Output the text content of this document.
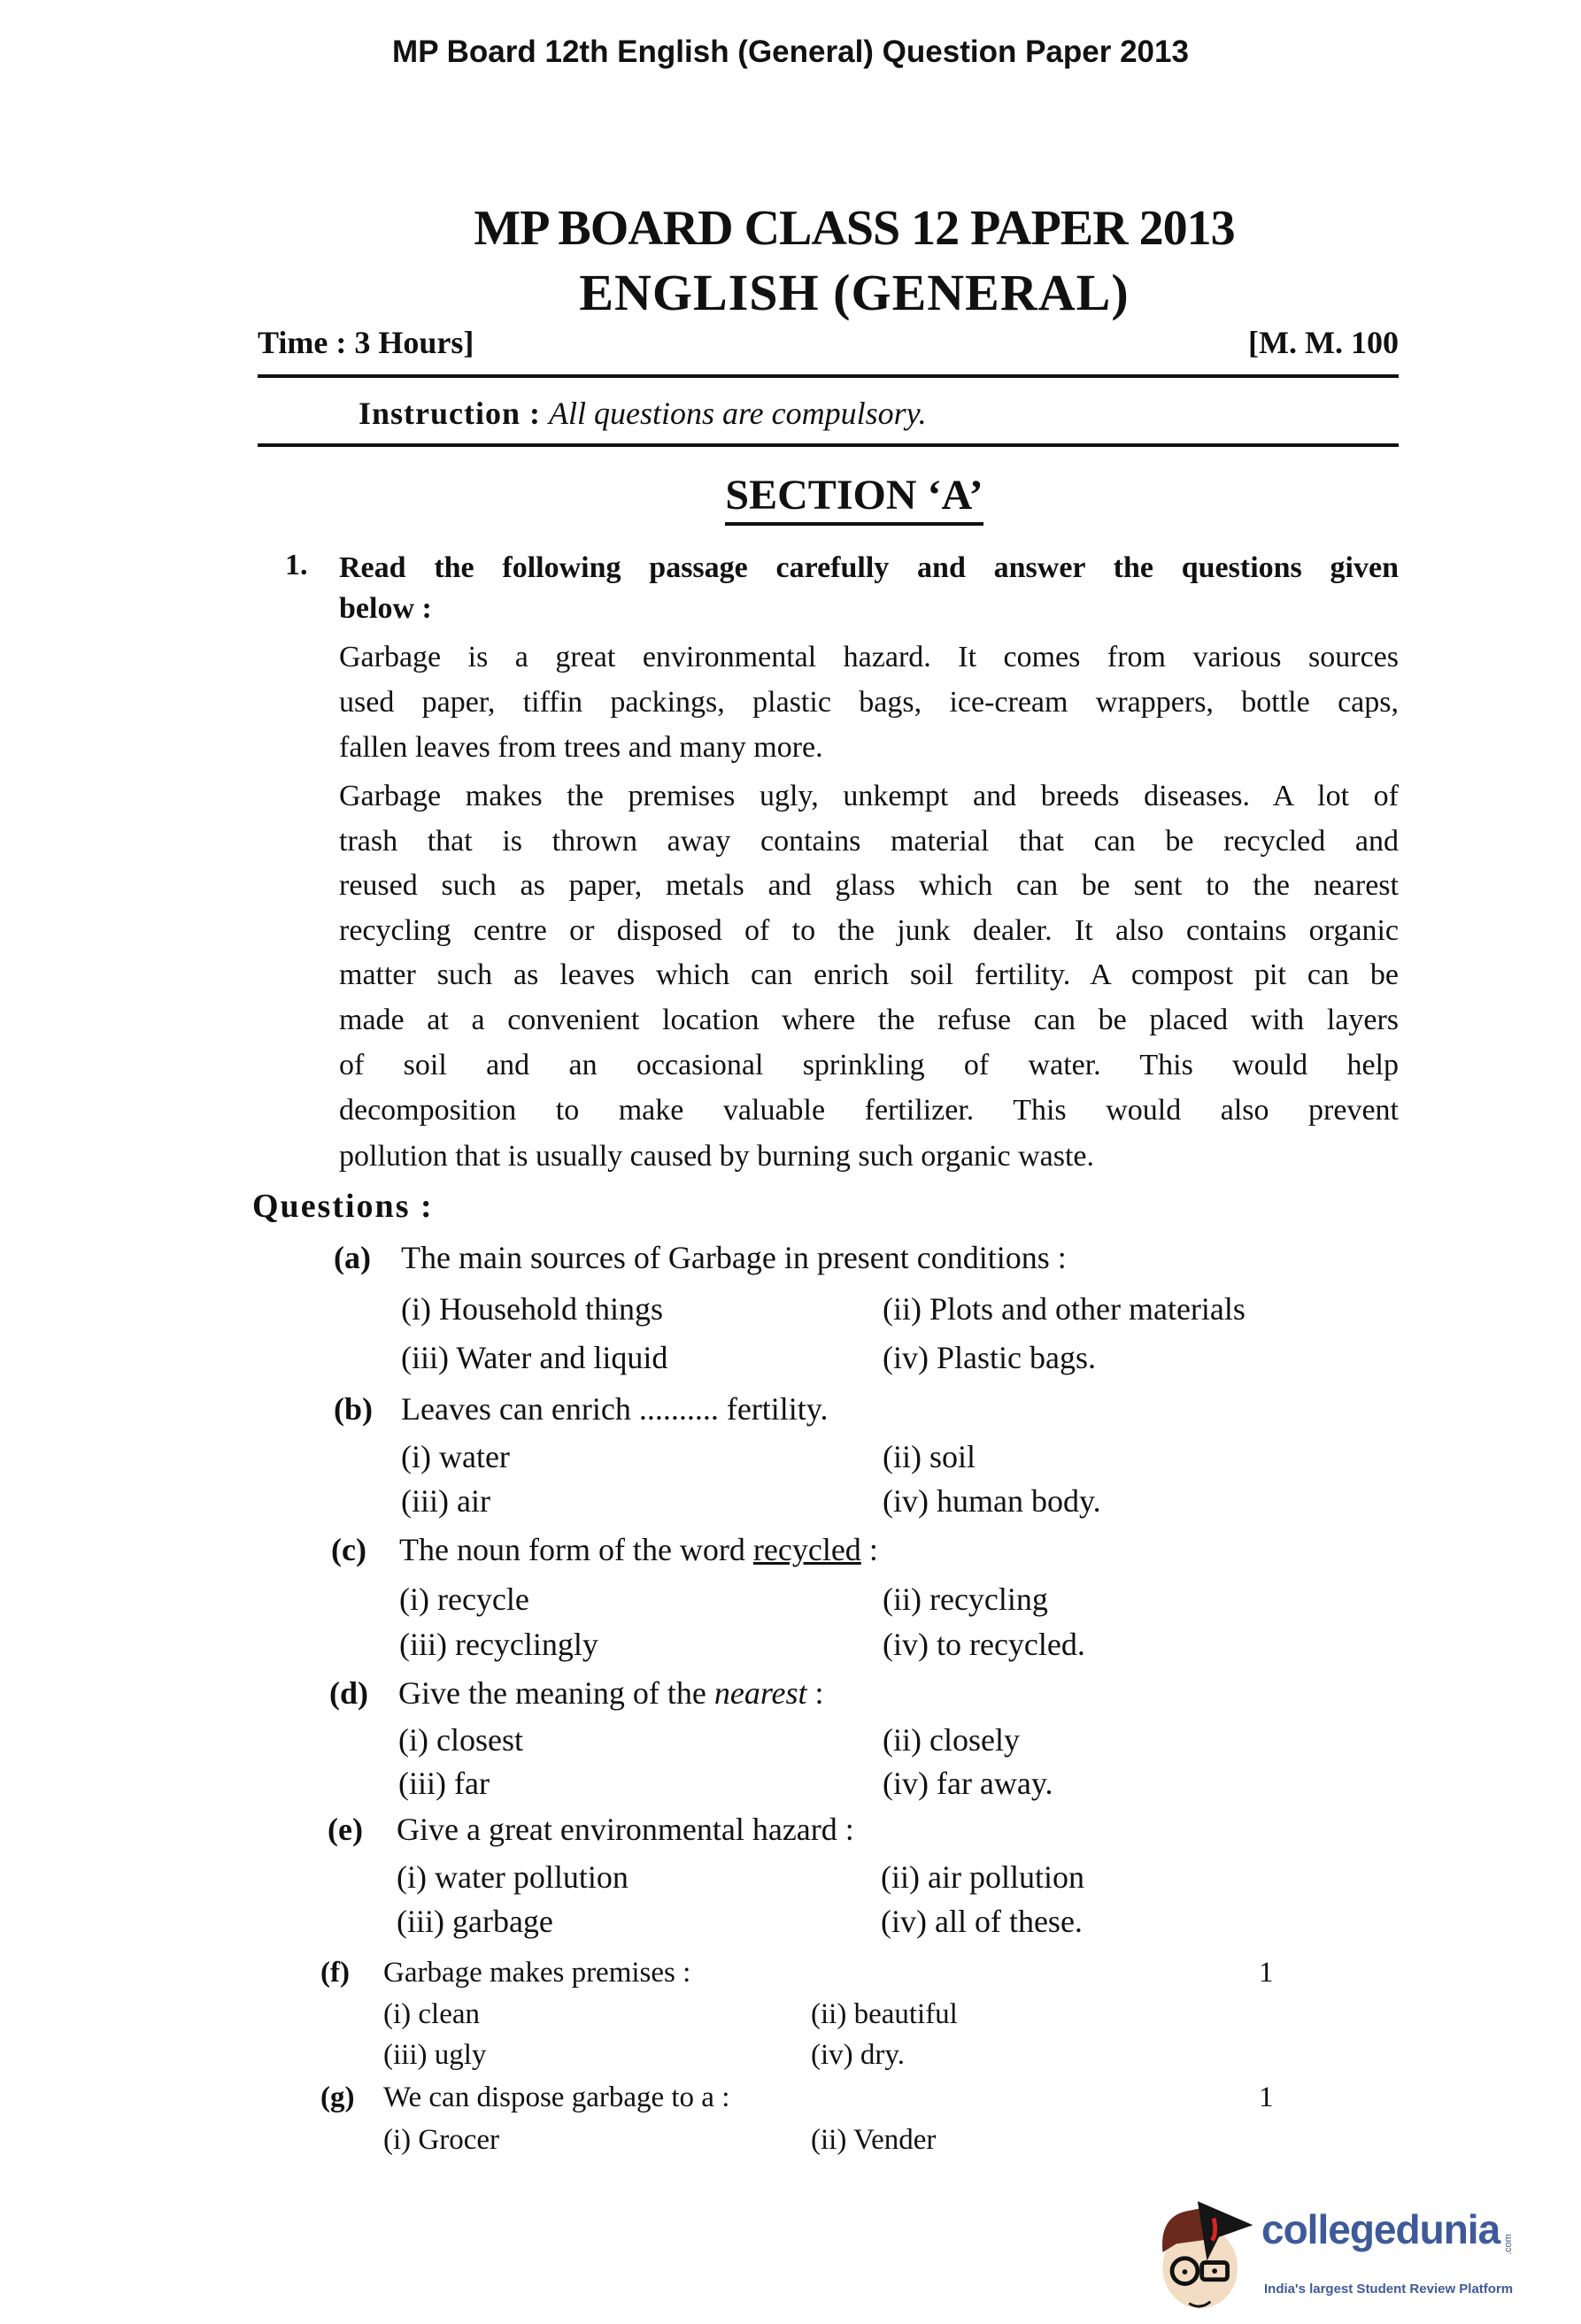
MP Board 12th English (General) Question Paper 2013
MP BOARD CLASS 12 PAPER 2013
ENGLISH (GENERAL)
Time : 3 Hours]	[M. M. 100
Instruction : All questions are compulsory.
SECTION ‘A’
1. Read the following passage carefully and answer the questions given
below :
Garbage is a great environmental hazard. It comes from various sources
used paper, tiffin packings, plastic bags, ice-cream wrappers, bottle caps,
fallen leaves from trees and many more.
Garbage makes the premises ugly, unkempt and breeds diseases. A lot of
trash that is thrown away contains material that can be recycled and
reused such as paper, metals and glass which can be sent to the nearest
recycling centre or disposed of to the junk dealer. It also contains organic
matter such as leaves which can enrich soil fertility. A compost pit can be
made at a convenient location where the refuse can be placed with layers
of soil and an occasional sprinkling of water. This would help
decomposition to make valuable fertilizer. This would also prevent
pollution that is usually caused by burning such organic waste.
Questions :
(a) The main sources of Garbage in present conditions :
(i) Household things	(ii) Plots and other materials
(iii) Water and liquid	(iv) Plastic bags.
(b) Leaves can enrich .......... fertility.
(i) water	(ii) soil
(iii) air	(iv) human body.
(c) The noun form of the word recycled :
(i) recycle	(ii) recycling
(iii) recyclingly	(iv) to recycled.
(d) Give the meaning of the nearest :
(i) closest	(ii) closely
(iii) far	(iv) far away.
(e) Give a great environmental hazard :
(i) water pollution	(ii) air pollution
(iii) garbage	(iv) all of these.
(f) Garbage makes premises :	1
(i) clean	(ii) beautiful
(iii) ugly	(iv) dry.
(g) We can dispose garbage to a :	1
(i) Grocer	(ii) Vender
collegedunia .com
India's largest Student Review Platform
